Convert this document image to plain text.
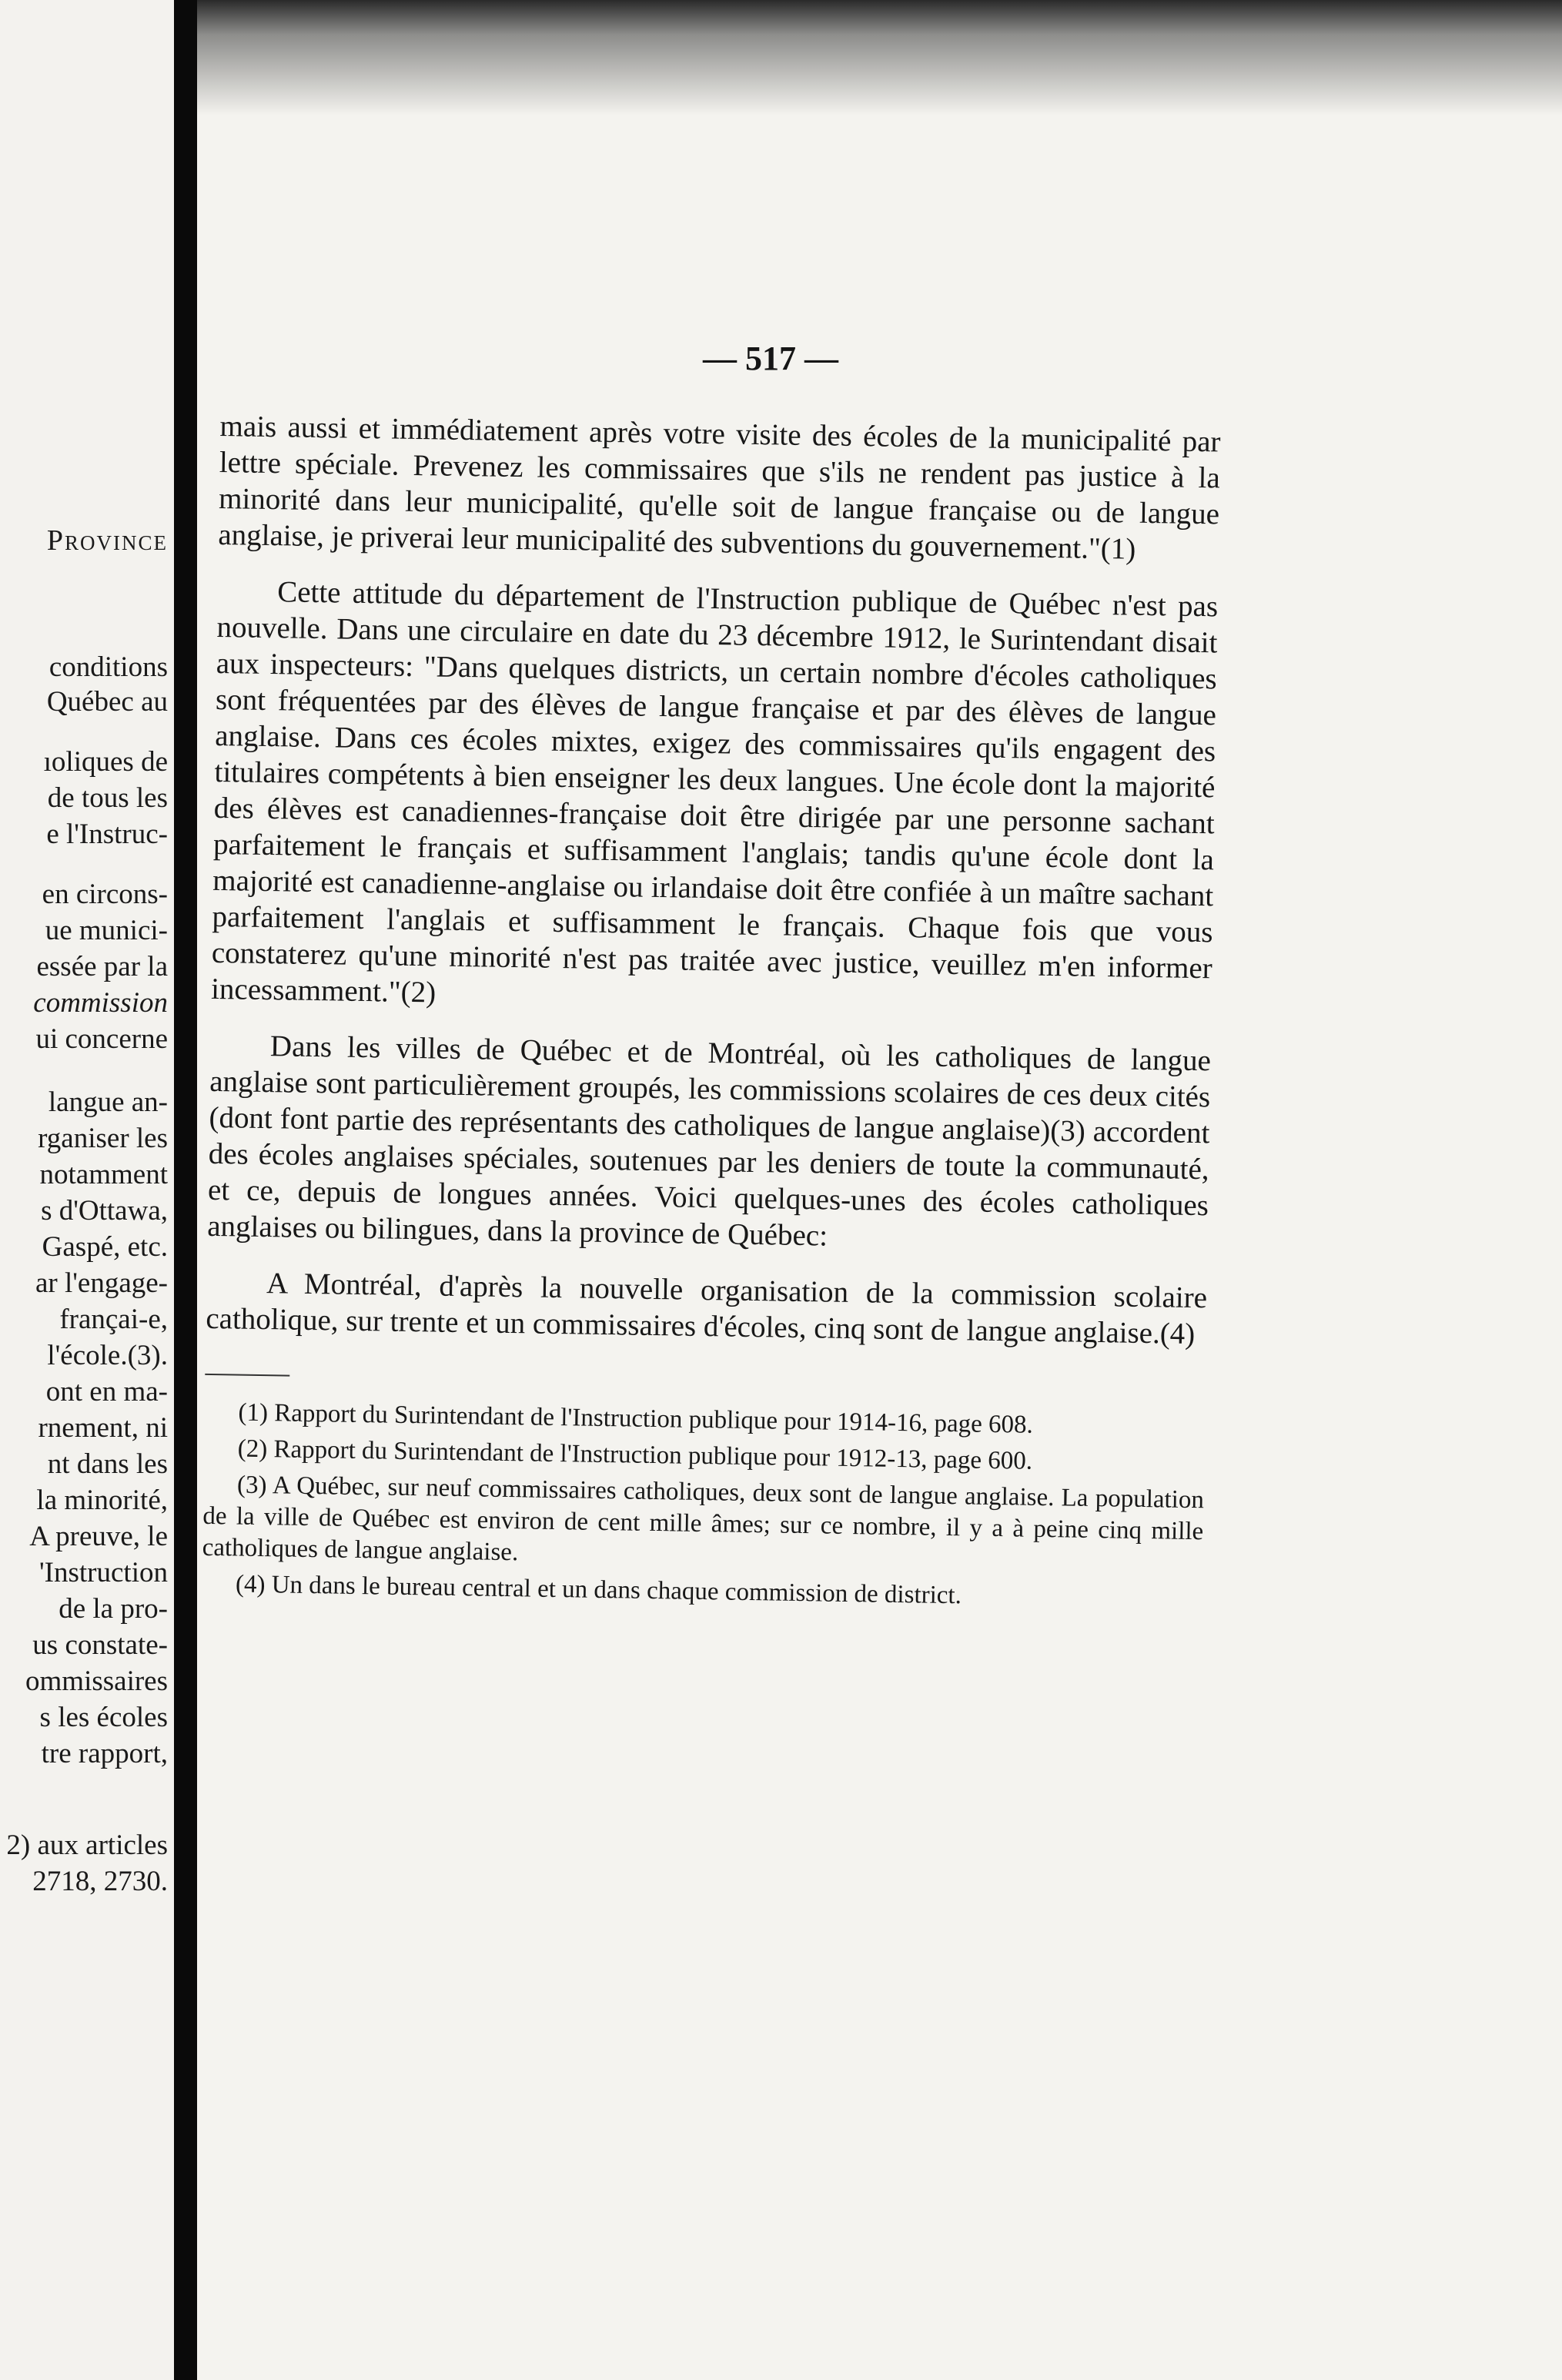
Province
conditions
Québec au
ıoliques de
de tous les
e l'Instruc-
en circons-
ue munici-
essée par la
commission
ui concerne
langue an-
rganiser les
notamment
s d'Ottawa,
Gaspé, etc.
ar l'engage-
françai-e,
l'école.(3).
ont en ma-
rnement, ni
nt dans les
la minorité,
A preuve, le
'Instruction
de la pro-
us constate-
ommissaires
s les écoles
tre rapport,
2) aux articles
2718, 2730.
— 517 —

mais aussi et immédiatement après votre visite des écoles de la municipalité par lettre spéciale. Prevenez les commissaires que s'ils ne rendent pas justice à la minorité dans leur municipalité, qu'elle soit de langue française ou de langue anglaise, je priverai leur municipalité des subventions du gouvernement."(1)

Cette attitude du département de l'Instruction publique de Québec n'est pas nouvelle. Dans une circulaire en date du 23 décembre 1912, le Surintendant disait aux inspecteurs: "Dans quelques districts, un certain nombre d'écoles catholiques sont fréquentées par des élèves de langue française et par des élèves de langue anglaise. Dans ces écoles mixtes, exigez des commissaires qu'ils engagent des titulaires compétents à bien enseigner les deux langues. Une école dont la majorité des élèves est canadiennes-française doit être dirigée par une personne sachant parfaitement le français et suffisamment l'anglais; tandis qu'une école dont la majorité est canadienne-anglaise ou irlandaise doit être confiée à un maître sachant parfaitement l'anglais et suffisamment le français. Chaque fois que vous constaterez qu'une minorité n'est pas traitée avec justice, veuillez m'en informer incessamment."(2)

Dans les villes de Québec et de Montréal, où les catholiques de langue anglaise sont particulièrement groupés, les commissions scolaires de ces deux cités (dont font partie des représentants des catholiques de langue anglaise)(3) accordent des écoles anglaises spéciales, soutenues par les deniers de toute la communauté, et ce, depuis de longues années. Voici quelques-unes des écoles catholiques anglaises ou bilingues, dans la province de Québec:

A Montréal, d'après la nouvelle organisation de la commission scolaire catholique, sur trente et un commissaires d'écoles, cinq sont de langue anglaise.(4)

(1) Rapport du Surintendant de l'Instruction publique pour 1914-16, page 608.

(2) Rapport du Surintendant de l'Instruction publique pour 1912-13, page 600.

(3) A Québec, sur neuf commissaires catholiques, deux sont de langue anglaise. La population de la ville de Québec est environ de cent mille âmes; sur ce nombre, il y a à peine cinq mille catholiques de langue anglaise.

(4) Un dans le bureau central et un dans chaque commission de district.
